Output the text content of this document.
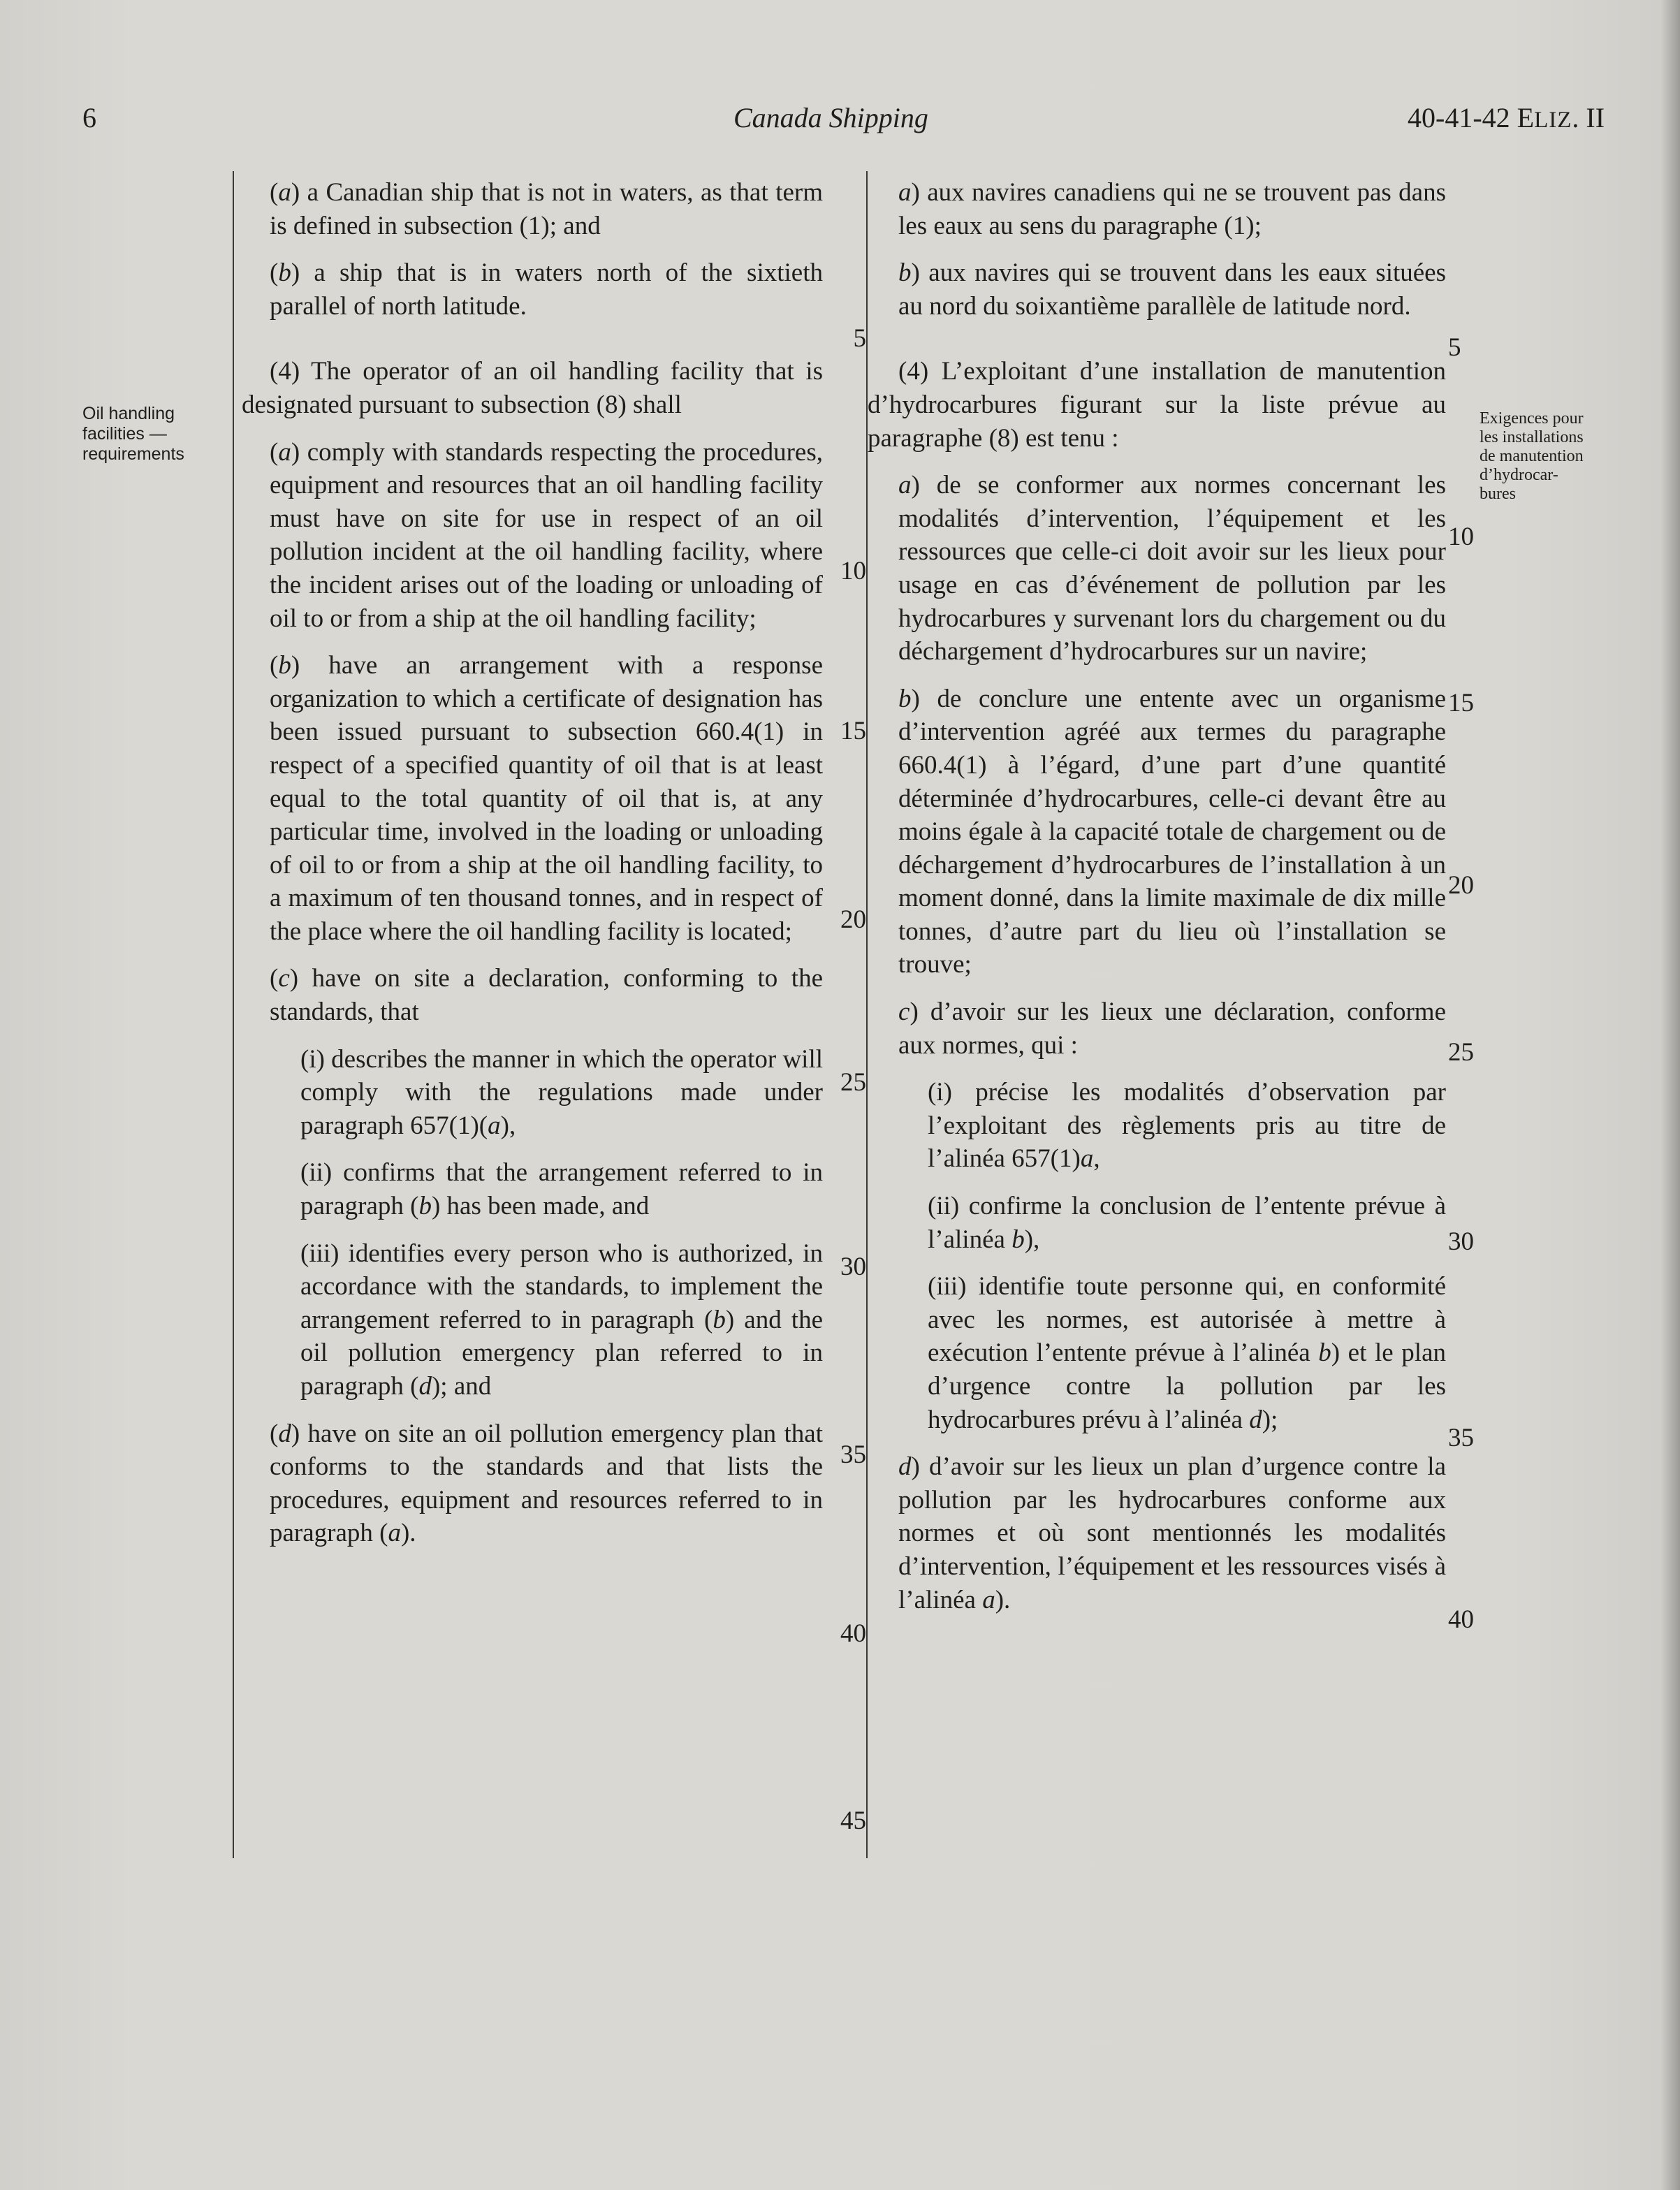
6	Canada Shipping	40-41-42 ELIZ. II
Oil handling
facilities —
requirements
Exigences pour
les installations
de manutention
d’hydrocar-
bures

(a) a Canadian ship that is not in waters, as that term is defined in subsection (1); and

(b) a ship that is in waters north of the sixtieth parallel of north latitude.

(4) The operator of an oil handling facility that is designated pursuant to subsection (8) shall

(a) comply with standards respecting the procedures, equipment and resources that an oil handling facility must have on site for use in respect of an oil pollution incident at the oil handling facility, where the incident arises out of the loading or unloading of oil to or from a ship at the oil handling facility;

(b) have an arrangement with a response organization to which a certificate of designation has been issued pursuant to subsection 660.4(1) in respect of a specified quantity of oil that is at least equal to the total quantity of oil that is, at any particular time, involved in the loading or unloading of oil to or from a ship at the oil handling facility, to a maximum of ten thousand tonnes, and in respect of the place where the oil handling facility is located;

(c) have on site a declaration, conforming to the standards, that

(i) describes the manner in which the operator will comply with the regulations made under paragraph 657(1)(a),

(ii) confirms that the arrangement referred to in paragraph (b) has been made, and

(iii) identifies every person who is authorized, in accordance with the standards, to implement the arrangement referred to in paragraph (b) and the oil pollution emergency plan referred to in paragraph (d); and

(d) have on site an oil pollution emergency plan that conforms to the standards and that lists the procedures, equipment and resources referred to in paragraph (a).

a) aux navires canadiens qui ne se trouvent pas dans les eaux au sens du paragraphe (1);

b) aux navires qui se trouvent dans les eaux situées au nord du soixantième parallèle de latitude nord.

(4) L’exploitant d’une installation de manutention d’hydrocarbures figurant sur la liste prévue au paragraphe (8) est tenu :

a) de se conformer aux normes concernant les modalités d’intervention, l’équipement et les ressources que celle-ci doit avoir sur les lieux pour usage en cas d’événement de pollution par les hydrocarbures y survenant lors du chargement ou du déchargement d’hydrocarbures sur un navire;

b) de conclure une entente avec un organisme d’intervention agréé aux termes du paragraphe 660.4(1) à l’égard, d’une part d’une quantité déterminée d’hydrocarbures, celle-ci devant être au moins égale à la capacité totale de chargement ou de déchargement d’hydrocarbures de l’installation à un moment donné, dans la limite maximale de dix mille tonnes, d’autre part du lieu où l’installation se trouve;

c) d’avoir sur les lieux une déclaration, conforme aux normes, qui :

(i) précise les modalités d’observation par l’exploitant des règlements pris au titre de l’alinéa 657(1)a,

(ii) confirme la conclusion de l’entente prévue à l’alinéa b),

(iii) identifie toute personne qui, en conformité avec les normes, est autorisée à mettre à exécution l’entente prévue à l’alinéa b) et le plan d’urgence contre la pollution par les hydrocarbures prévu à l’alinéa d);

d) d’avoir sur les lieux un plan d’urgence contre la pollution par les hydrocarbures conforme aux normes et où sont mentionnés les modalités d’intervention, l’équipement et les ressources visés à l’alinéa a).

5
10
15
20
25
30
35
40
45
5
10
15
20
25
30
35
40
